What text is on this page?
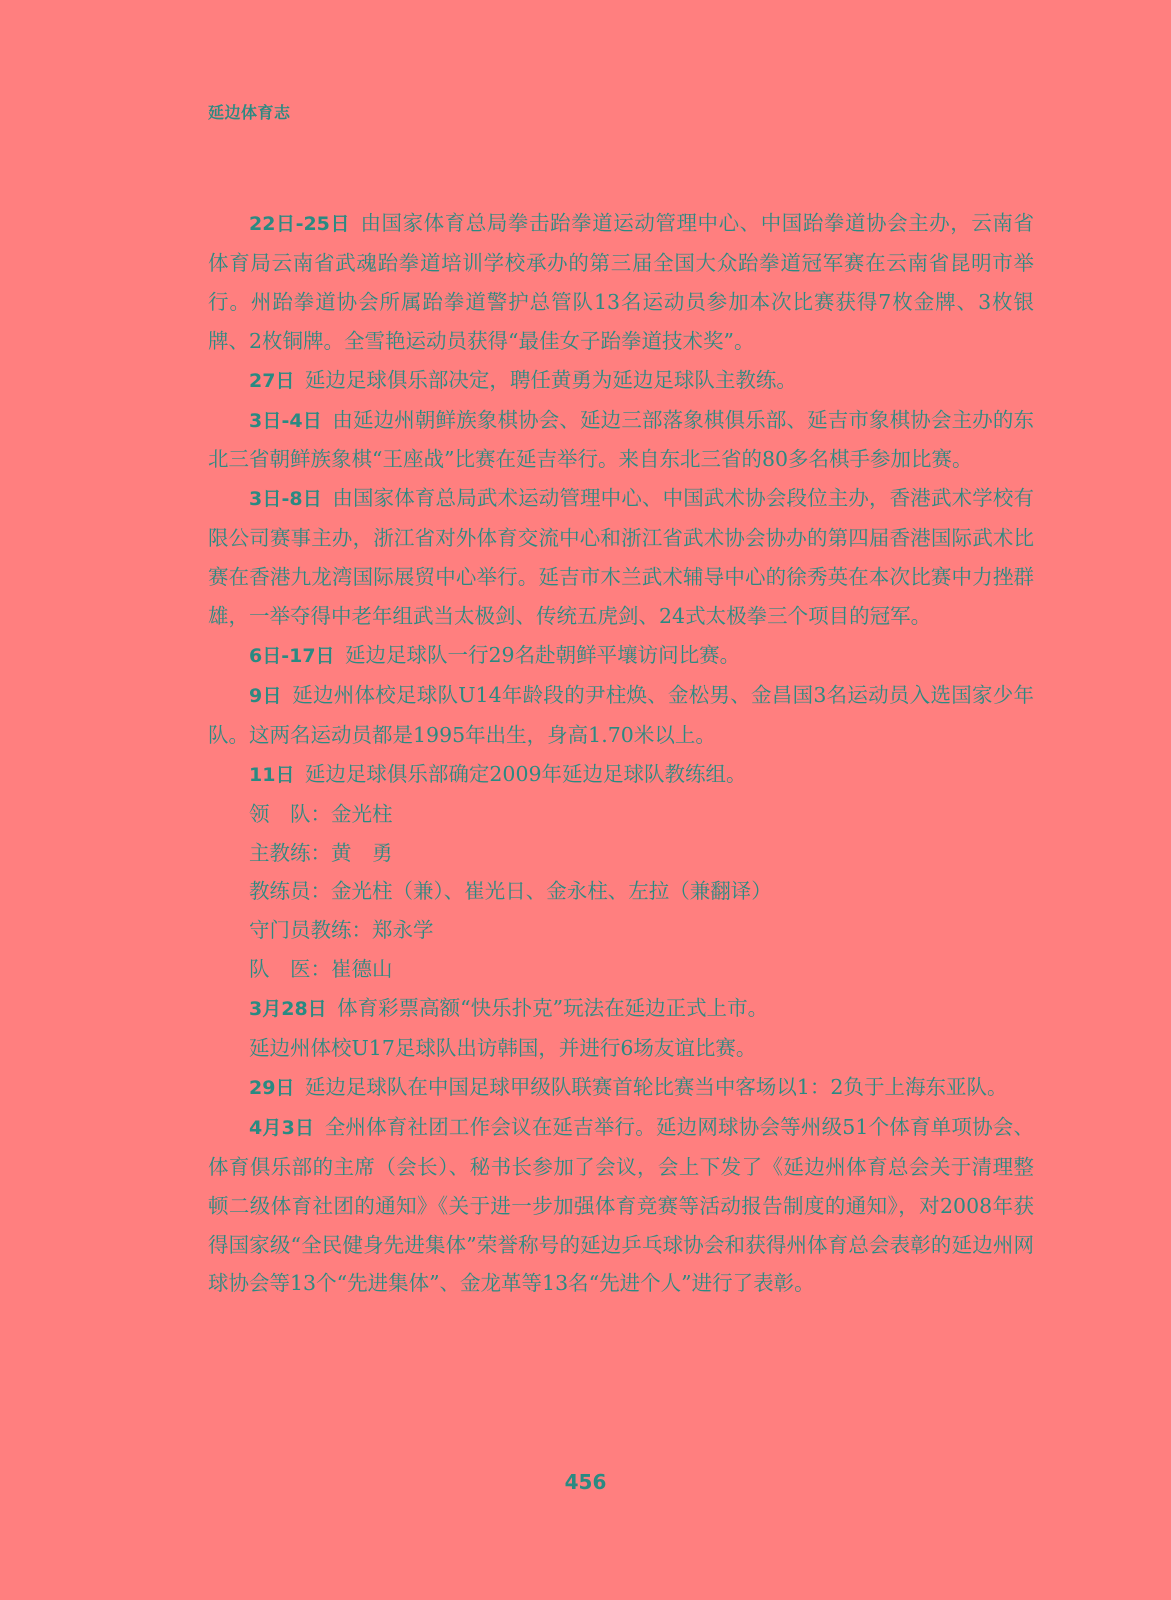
延边体育志

22日-25日 由国家体育总局拳击跆拳道运动管理中心、中国跆拳道协会主办，云南省体育局云南省武魂跆拳道培训学校承办的第三届全国大众跆拳道冠军赛在云南省昆明市举行。州跆拳道协会所属跆拳道警护总管队13名运动员参加本次比赛获得7枚金牌、3枚银牌、2枚铜牌。全雪艳运动员获得“最佳女子跆拳道技术奖”。

27日 延边足球俱乐部决定，聘任黄勇为延边足球队主教练。

3日-4日 由延边州朝鲜族象棋协会、延边三部落象棋俱乐部、延吉市象棋协会主办的东北三省朝鲜族象棋“王座战”比赛在延吉举行。来自东北三省的80多名棋手参加比赛。

3日-8日 由国家体育总局武术运动管理中心、中国武术协会段位主办，香港武术学校有限公司赛事主办，浙江省对外体育交流中心和浙江省武术协会协办的第四届香港国际武术比赛在香港九龙湾国际展贸中心举行。延吉市木兰武术辅导中心的徐秀英在本次比赛中力挫群雄，一举夺得中老年组武当太极剑、传统五虎剑、24式太极拳三个项目的冠军。

6日-17日 延边足球队一行29名赴朝鲜平壤访问比赛。

9日 延边州体校足球队U14年龄段的尹柱焕、金松男、金昌国3名运动员入选国家少年队。这两名运动员都是1995年出生，身高1.70米以上。

11日 延边足球俱乐部确定2009年延边足球队教练组。

领　队：金光柱

主教练：黄　勇

教练员：金光柱（兼）、崔光日、金永柱、左拉（兼翻译）

守门员教练：郑永学

队　医：崔德山

3月28日 体育彩票高额“快乐扑克”玩法在延边正式上市。

延边州体校U17足球队出访韩国，并进行6场友谊比赛。

29日 延边足球队在中国足球甲级队联赛首轮比赛当中客场以1：2负于上海东亚队。

4月3日 全州体育社团工作会议在延吉举行。延边网球协会等州级51个体育单项协会、体育俱乐部的主席（会长）、秘书长参加了会议，会上下发了《延边州体育总会关于清理整顿二级体育社团的通知》《关于进一步加强体育竞赛等活动报告制度的通知》，对2008年获得国家级“全民健身先进集体”荣誉称号的延边乒乓球协会和获得州体育总会表彰的延边州网球协会等13个“先进集体”、金龙革等13名“先进个人”进行了表彰。

456
